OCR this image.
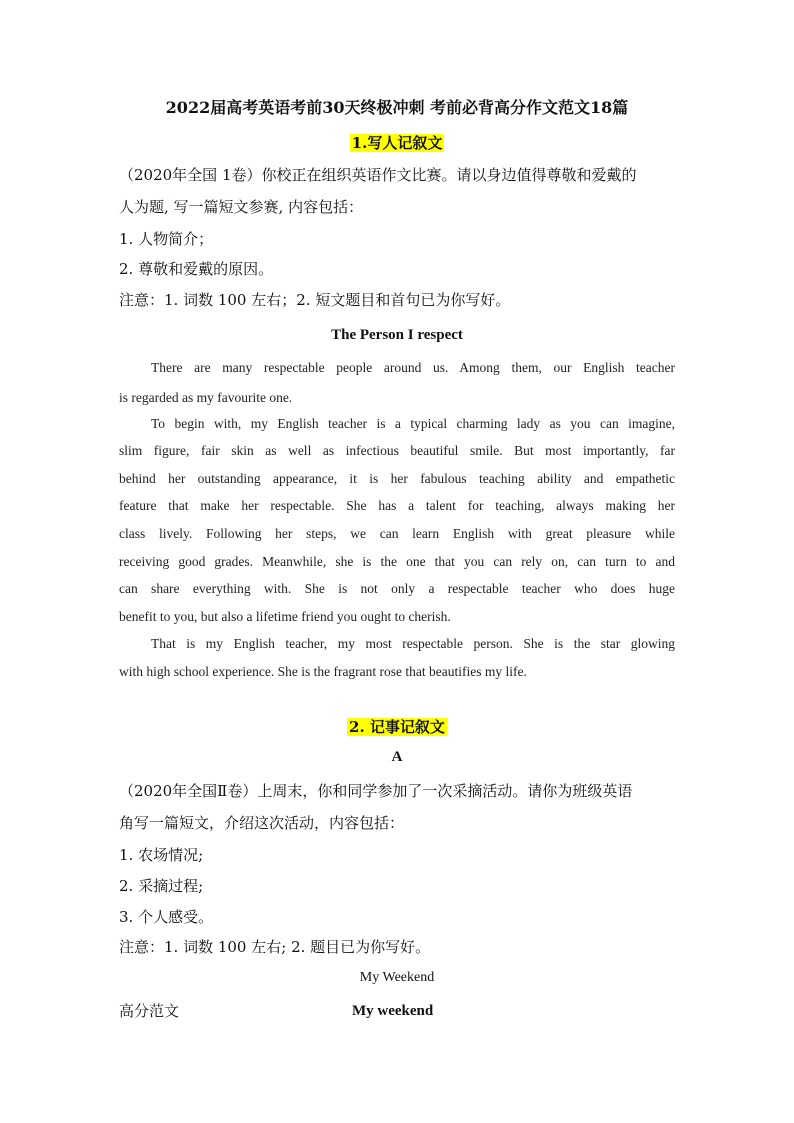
2022届高考英语考前30天终极冲刺 考前必背高分作文范文18篇
1.写人记叙文
（2020年全国 1卷）你校正在组织英语作文比赛。请以身边值得尊敬和爱戴的
人为题, 写一篇短文参赛, 内容包括：
1. 人物简介；
2. 尊敬和爱戴的原因。
注意：1. 词数 100 左右；2. 短文题目和首句已为你写好。
The Person I respect
There are many respectable people around us. Among them, our English teacher
is regarded as my favourite one.
To begin with, my English teacher is a typical charming lady as you can imagine,
slim figure, fair skin as well as infectious beautiful smile. But most importantly, far
behind her outstanding appearance, it is her fabulous teaching ability and empathetic
feature that make her respectable. She has a talent for teaching, always making her
class lively. Following her steps, we can learn English with great pleasure while
receiving good grades. Meanwhile, she is the one that you can rely on, can turn to and
can share everything with. She is not only a respectable teacher who does huge
benefit to you, but also a lifetime friend you ought to cherish.
That is my English teacher, my most respectable person. She is the star glowing
with high school experience. She is the fragrant rose that beautifies my life.
2. 记事记叙文
A
（2020年全国Ⅱ卷）上周末，你和同学参加了一次采摘活动。请你为班级英语
角写一篇短文，介绍这次活动，内容包括：
1. 农场情况;
2. 采摘过程;
3. 个人感受。
注意：1. 词数 100 左右; 2. 题目已为你写好。
My Weekend
高分范文	My weekend
